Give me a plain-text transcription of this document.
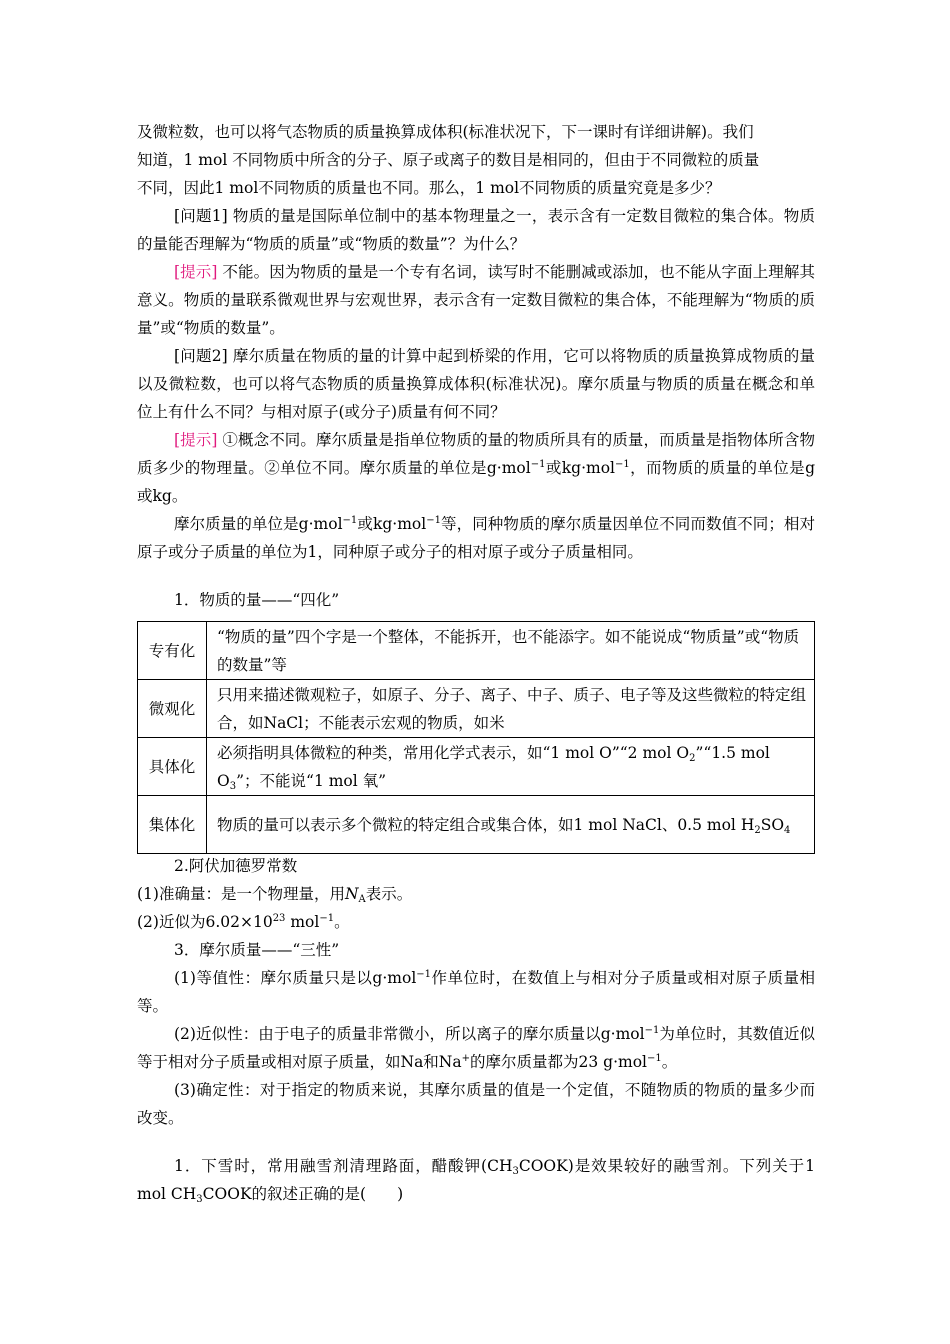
及微粒数，也可以将气态物质的质量换算成体积(标准状况下，下一课时有详细讲解)。我们
知道，1 mol 不同物质中所含的分子、原子或离子的数目是相同的，但由于不同微粒的质量
不同，因此1 mol不同物质的质量也不同。那么，1 mol不同物质的质量究竟是多少？
[问题1] 物质的量是国际单位制中的基本物理量之一，表示含有一定数目微粒的集合体。物质的量能否理解为“物质的质量”或“物质的数量”？为什么？
[提示] 不能。因为物质的量是一个专有名词，读写时不能删减或添加，也不能从字面上理解其意义。物质的量联系微观世界与宏观世界，表示含有一定数目微粒的集合体，不能理解为“物质的质量”或“物质的数量”。
[问题2] 摩尔质量在物质的量的计算中起到桥梁的作用，它可以将物质的质量换算成物质的量以及微粒数，也可以将气态物质的质量换算成体积(标准状况)。摩尔质量与物质的质量在概念和单位上有什么不同？与相对原子(或分子)质量有何不同？
[提示] ①概念不同。摩尔质量是指单位物质的量的物质所具有的质量，而质量是指物体所含物质多少的物理量。②单位不同。摩尔质量的单位是g·mol$^{-1}$或kg·mol$^{-1}$，而物质的质量的单位是g或kg。
摩尔质量的单位是g·mol$^{-1}$或kg·mol$^{-1}$等，同种物质的摩尔质量因单位不同而数值不同；相对原子或分子质量的单位为1，同种原子或分子的相对原子或分子质量相同。
1．物质的量——“四化”
专有化	“物质的量”四个字是一个整体，不能拆开，也不能添字。如不能说成“物质量”或“物质的数量”等
微观化	只用来描述微观粒子，如原子、分子、离子、中子、质子、电子等及这些微粒的特定组合，如NaCl；不能表示宏观的物质，如米
具体化	必须指明具体微粒的种类，常用化学式表示，如“1 mol O”“2 mol $O_2”“1.5$ mol $O_3$”；不能说“1 mol 氧”
集体化	物质的量可以表示多个微粒的特定组合或集合体，如1 mol NaCl、0.5 mol $H_2SO_4$
2.阿伏加德罗常数
(1)准确量：是一个物理量，用$N_A$表示。
(2)近似为$6.02\times 10^{23}$ mol$^{-1}$。
3．摩尔质量——“三性”
(1)等值性：摩尔质量只是以g·mol$^{-1}$作单位时，在数值上与相对分子质量或相对原子质量相等。
(2)近似性：由于电子的质量非常微小，所以离子的摩尔质量以g·mol$^{-1}$为单位时，其数值近似等于相对分子质量或相对原子质量，如Na和Na+的摩尔质量都为23 g·mol$^{-1}$。
(3)确定性：对于指定的物质来说，其摩尔质量的值是一个定值，不随物质的物质的量多少而改变。
1．下雪时，常用融雪剂清理路面，醋酸钾$(CH_3COOK)$是效果较好的融雪剂。下列关于1 mol $CH_3COOK$的叙述正确的是(　　)
